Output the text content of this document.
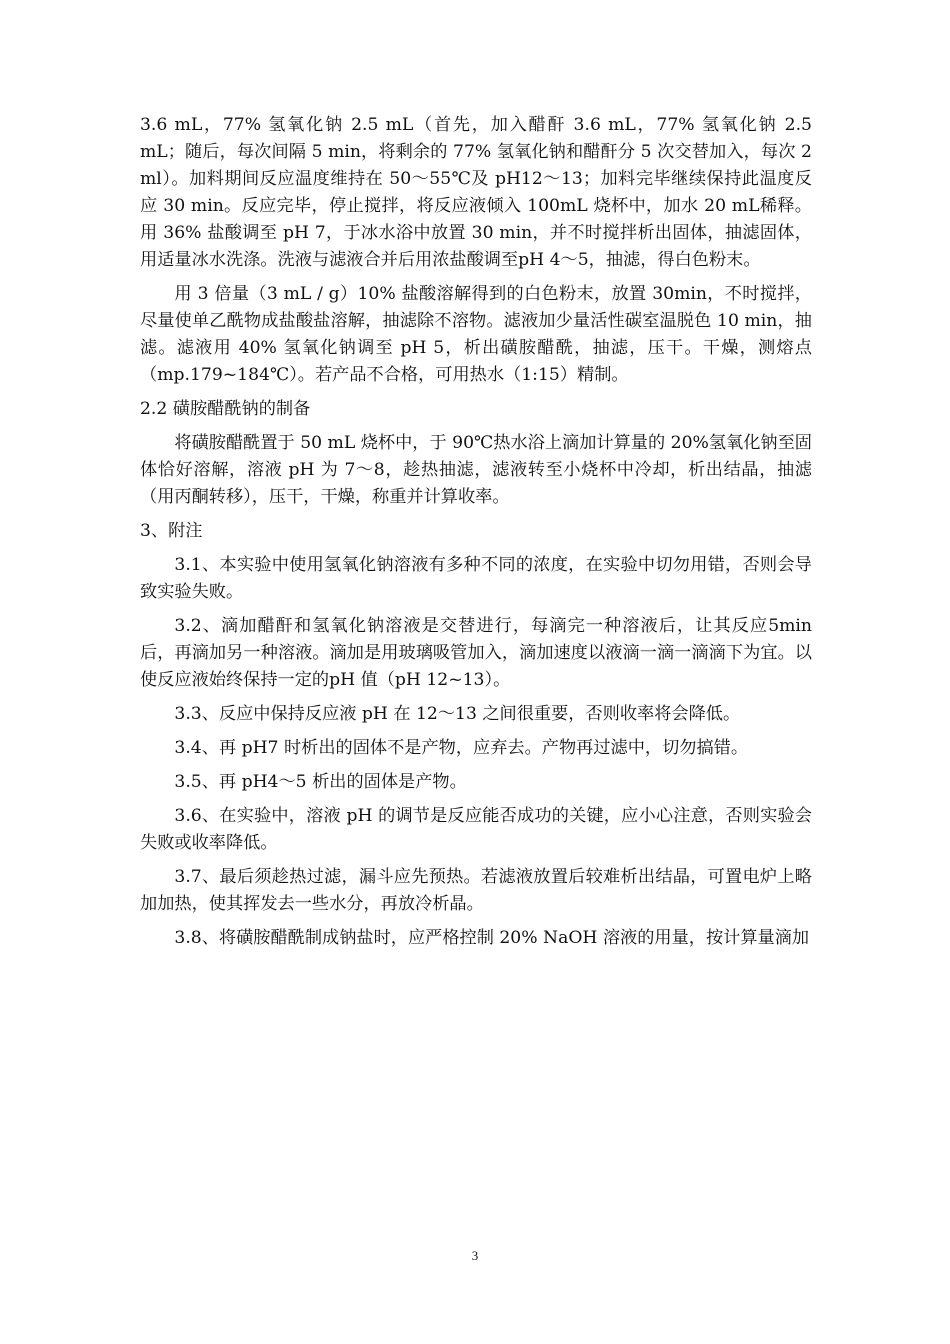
3.6 mL，77% 氢氧化钠 2.5 mL（首先，加入醋酐 3.6 mL，77% 氢氧化钠 2.5 mL；随后，每次间隔 5 min，将剩余的 77% 氢氧化钠和醋酐分 5 次交替加入，每次 2 ml）。加料期间反应温度维持在 50～55℃及 pH12～13；加料完毕继续保持此温度反应 30 min。反应完毕，停止搅拌，将反应液倾入 100mL 烧杯中，加水 20 mL稀释。用 36% 盐酸调至 pH 7，于冰水浴中放置 30 min，并不时搅拌析出固体，抽滤固体，用适量冰水洗涤。洗液与滤液合并后用浓盐酸调至pH 4～5，抽滤，得白色粉末。

用 3 倍量（3 mL / g）10% 盐酸溶解得到的白色粉末，放置 30min，不时搅拌，尽量使单乙酰物成盐酸盐溶解，抽滤除不溶物。滤液加少量活性碳室温脱色 10 min，抽滤。滤液用 40% 氢氧化钠调至 pH 5，析出磺胺醋酰，抽滤，压干。干燥，测熔点（mp.179~184℃）。若产品不合格，可用热水（1:15）精制。

2.2 磺胺醋酰钠的制备

将磺胺醋酰置于 50 mL 烧杯中，于 90℃热水浴上滴加计算量的 20%氢氧化钠至固体恰好溶解，溶液 pH 为 7～8，趁热抽滤，滤液转至小烧杯中冷却，析出结晶，抽滤（用丙酮转移），压干，干燥，称重并计算收率。

3、附注

3.1、本实验中使用氢氧化钠溶液有多种不同的浓度，在实验中切勿用错，否则会导致实验失败。

3.2、滴加醋酐和氢氧化钠溶液是交替进行，每滴完一种溶液后，让其反应5min 后，再滴加另一种溶液。滴加是用玻璃吸管加入，滴加速度以液滴一滴一滴滴下为宜。以使反应液始终保持一定的pH 值（pH 12~13）。

3.3、反应中保持反应液 pH 在 12～13 之间很重要，否则收率将会降低。

3.4、再 pH7 时析出的固体不是产物，应弃去。产物再过滤中，切勿搞错。

3.5、再 pH4～5 析出的固体是产物。

3.6、在实验中，溶液 pH 的调节是反应能否成功的关键，应小心注意，否则实验会失败或收率降低。

3.7、最后须趁热过滤，漏斗应先预热。若滤液放置后较难析出结晶，可置电炉上略加加热，使其挥发去一些水分，再放冷析晶。

3.8、将磺胺醋酰制成钠盐时，应严格控制 20% NaOH 溶液的用量，按计算量滴加

3
